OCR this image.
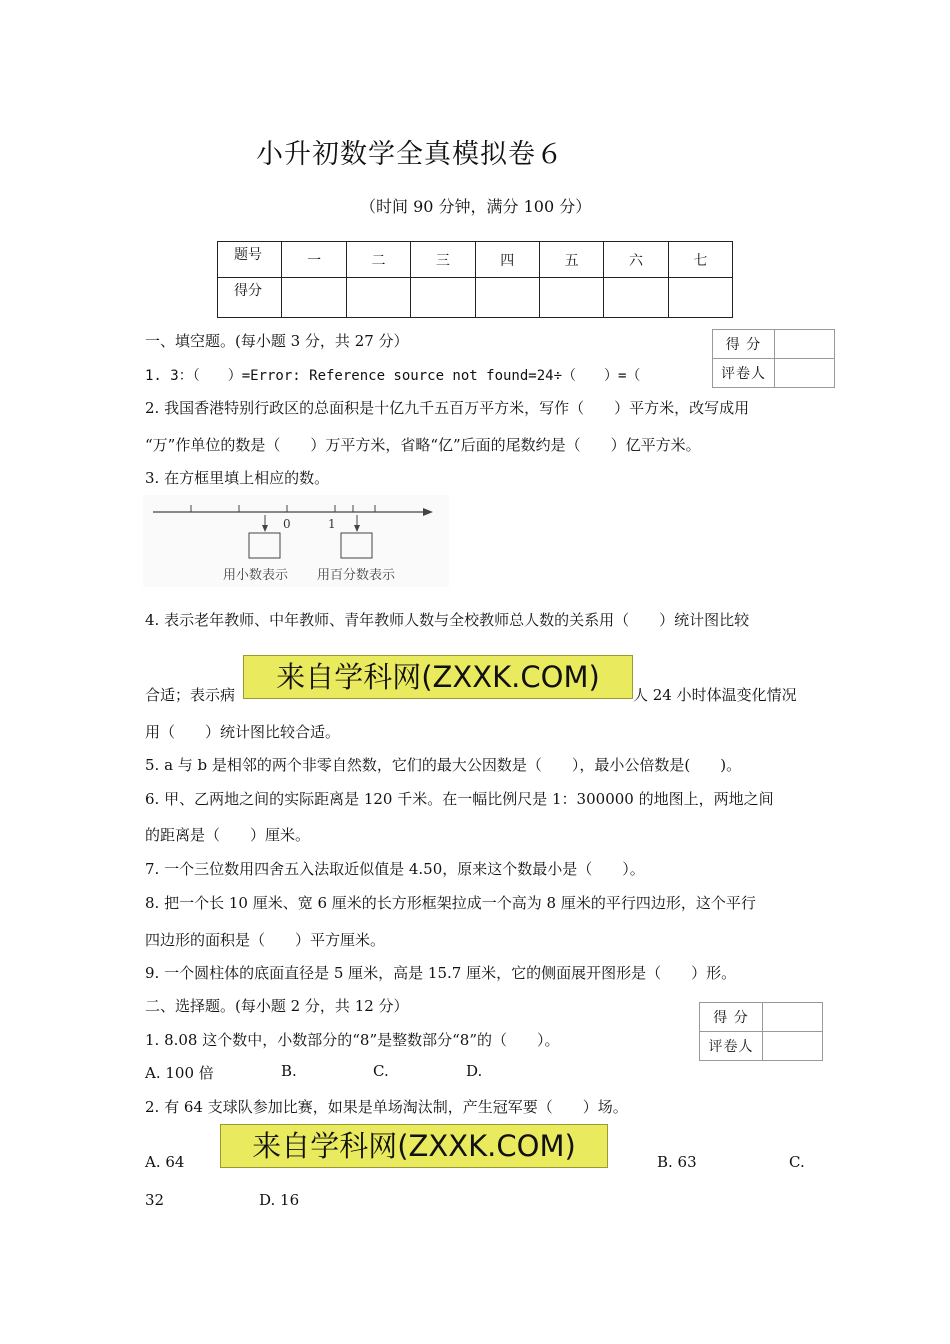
小升初数学全真模拟卷６
（时间 90 分钟，满分 100 分）
题号	一	二	三	四	五	六	七
得分							
一、填空题。(每小题 3 分，共 27 分）	得 分	
评卷人	
1. 3：（　　）=Error: Reference source not found=24÷（　　）=（
2. 我国香港特别行政区的总面积是十亿九千五百万平方米，写作（　　）平方米，改写成用
“万”作单位的数是（　　）万平方米，省略“亿”后面的尾数约是（　　）亿平方米。
3. 在方框里填上相应的数。
0	1
用小数表示 用百分数表示
4. 表示老年教师、中年教师、青年教师人数与全校教师总人数的关系用（　　）统计图比较
合适；表示病	人 24 小时体温变化情况
来自学科网(ZXXK.COM)
用（　　）统计图比较合适。
5. a 与 b 是相邻的两个非零自然数，它们的最大公因数是（　　），最小公倍数是(　　)。
6. 甲、乙两地之间的实际距离是 120 千米。在一幅比例尺是 1：300000 的地图上，两地之间
的距离是（　　）厘米。
7. 一个三位数用四舍五入法取近似值是 4.50，原来这个数最小是（　　）。
8. 把一个长 10 厘米、宽 6 厘米的长方形框架拉成一个高为 8 厘米的平行四边形，这个平行
四边形的面积是（　　）平方厘米。
9. 一个圆柱体的底面直径是 5 厘米，高是 15.7 厘米，它的侧面展开图形是（　　）形。
二、选择题。(每小题 2 分，共 12 分）
得 分	
评卷人	
1. 8.08 这个数中，小数部分的“8”是整数部分“8”的（　　）。
A. 100 倍	B.	C.	D.
2. 有 64 支球队参加比赛，如果是单场淘汰制，产生冠军要（　　）场。
来自学科网(ZXXK.COM)
A. 64	B. 63	C.
32	D. 16
